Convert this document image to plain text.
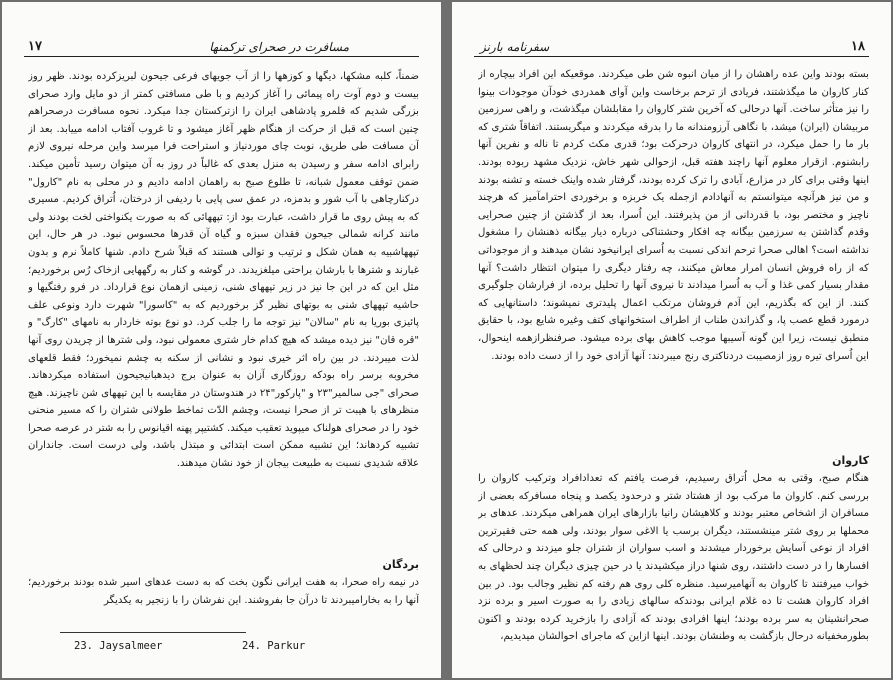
۱۷	مسافرت در صحرای ترکمنها

ضمناً، کلبه مشکها، دیگها و کوزهها را از آب جویهای فرعی جیحون لبریزکرده بودند. ظهر روز بیست و دوم آوت راه پیمائی را آغاز کردیم و با طی مسافتی کمتر از دو مایل وارد صحرای بزرگی شدیم که قلمرو پادشاهی ایران را ازترکستان جدا میکرد. نحوه مسافرت درصحراهم چنین است که قبل از حرکت از هنگام ظهر آغاز میشود و تا غروب آفتاب ادامه مییابد. بعد از آن مسافت طی طریق، نوبت چای موردنیاز و استراحت فرا میرسد واین مرحله نیروی لازم رابرای ادامه سفر و رسیدن به منزل بعدی که غالباً در روز به آن میتوان رسید تأمین میکند. ضمن توقف معمول شبانه، تا طلوع صبح به راهمان ادامه دادیم و در محلی به نام "کارول" درکنارچاهی با آب شور و بدمزه، در عمق سی پایی با ردیفی از درختان، اُتراق کردیم. مسیری که به پیش روی ما قرار داشت، عبارت بود از: تپههائی که به صورت یکنواختی لخت بودند ولی مانند کرانه شمالی جیحون فقدان سبزه و گیاه آن قدرها محسوس نبود. در هر حال، این تپههاشبیه به همان شکل و ترتیب و توالی هستند که قبلاً شرح دادم. شنها کاملاً نرم و بدون غبارند و شترها با بارشان براحتی میلغزیدند. در گوشه و کنار به رگههایی ازخاک رُس برخوردیم؛ مثل این که در این جا نیز در زیر تپههای شنی، زمینی ازهمان نوع قرارداد. در فرو رفتگیها و حاشیه تپههای شنی به بوتهای نظیر گز برخوردیم که به "کاسورا" شهرت دارد ونوعی علف پائیزی بوریا به نام "سالان" نیز توجه ما را جلب کرد. دو نوع بوته خاردار به نامهای "کارگ" و "قره قان" نیز دیده میشد که هیچ کدام خار شتری معمولی نبود، ولی شترها از چریدن روی آنها لذت میبردند. در بین راه اثر خیری نبود و نشانی از سکنه به چشم نمیخورد؛ فقط قلعهای مخروبه برسر راه بودکه روزگاری آزان به عنوان برج دیدهبانیجیحون استفاده میکردهاند. صحرای "جی سالمیر"۲۳ و "پارکور"۲۴ در هندوستان در مقایسه با این تپههای شن ناچیزند. هیچ منظرهای با هیبت تر از صحرا نیست، وچشم الدّت تماخط طولانی شتران را که مسیر منحنی خود را در صحرای هولناک میپوید تعقیب میکند. کشتیپر پهنه اقیانوس را به شتر در عرصه صحرا تشبیه کردهاند؛ این تشبیه ممکن است ابتدائی و مبتذل باشد، ولی درست است. جانداران علاقه شدیدی نسبت به طبیعت بیجان از خود نشان میدهند.

بردگان

در نیمه راه صحرا، به هفت ایرانی نگون بخت که به دست عدهای اسیر شده بودند برخوردیم؛ آنها را به بخارامیبردند تا درآن جا بفروشند. این نفرشان را با زنجیر به یکدیگر

23. Jaysalmeer	24. Parkur
سفرنامه بارنز	۱۸

بسته بودند واین عده راهشان را از میان انبوه شن طی میکردند. موقعیکه این افراد بیچاره از کنار کاروان ما میگذشتند، فریادی از ترحم برخاست واین آوای همدردی خودآن موجودات بینوا را نیز متأثر ساخت. آنها درحالی که آخرین شتر کاروان را مقابلشان میگذشت، و راهی سرزمین مربیشان (ایران) میشد، با نگاهی آرزومندانه ما را بدرقه میکردند و میگریستند. اتفاقاً شتری که بار ما را حمل میکرد، در انتهای کاروان درحرکت بود؛ قدری مکث کردم تا ناله و نفرین آنها رابشنوم. ازقرار معلوم آنها راچند هفته قبل، ازحوالی شهر خاش، نزدیک مشهد ربوده بودند. اینها وقتی برای کار در مزارع، آبادی را ترک کرده بودند، گرفتار شده واینک خسته و تشنه بودند و من نیز هرآنچه میتوانستم به آنهادادم ازجمله یک خربزه و برخوردی احترامآمیز که هرچند ناچیز و مختصر بود، با قدردانی از من پذیرفتند. این اُسرا، بعد از گذشتن از چنین صحرایی وقدم گذاشتن به سرزمین بیگانه چه افکار وحشتناکی درباره دیار بیگانه ذهنشان را مشغول نداشته است؟ اهالی صحرا ترحم اندکی نسبت به اُسرای ایرانیخود نشان میدهند و از موجوداتی که از راه فروش انسان امرار معاش میکنند، چه رفتار دیگری را میتوان انتظار داشت؟ آنها مقدار بسیار کمی غذا و آب به اُسرا میدادند تا نیروی آنها را تحلیل برده، از فرارشان جلوگیری کنند. از این که بگذریم، این آدم فروشان مرتکب اعمال پلیدتری نمیشوند؛ داستانهایی که درمورد قطع عصب پا، و گذراندن طناب از اطراف استخوانهای کتف وغیره شایع بود، با حقایق منطبق نیست، زیرا این گونه آسیبها موجب کاهش بهای برده میشود. صرفنظرازهمه اینحوال، این اُسرای تیره روز ازمصیبت دردناکتری رنج میبردند: آنها آزادی خود را از دست داده بودند.

کاروان

هنگام صبح، وقتی به محل اُتراق رسیدیم، فرصت یافتم که تعدادافراد وترکیب کاروان را بررسی کنم. کاروان ما مرکب بود از هشتاد شتر و درحدود یکصد و پنجاه مسافرکه بعضی از مسافران از اشخاص معتبر بودند و کلاهیشان رانیا بازارهای ایران همراهی میکردند. عدهای بر محملها بر روی شتر مینشستند، دیگران برسب یا الاغی سوار بودند، ولی همه حتی فقیرترین افراد از نوعی آسایش برخوردار میشدند و اسب سواران از شتران جلو میزدند و درحالی که افسارها را در دست داشتند، روی شنها دراز میکشیدند یا در حین چیزی دیگران چند لحظهای به خواب میرفتند تا کاروان به آنهامیرسید. منظره کلی روی هم رفته کم نظیر وجالب بود. در بین افراد کاروان هشت تا ده غلام ایرانی بودندکه سالهای زیادی را به صورت اسیر و برده نزد صحرانشینان به سر برده بودند؛ اینها افرادی بودند که آزادی را بازخرید کرده بودند و اکنون بطورمخفیانه درحال بازگشت به وطنشان بودند. اینها ازاین که ماجرای احوالشان میدیدیم،
